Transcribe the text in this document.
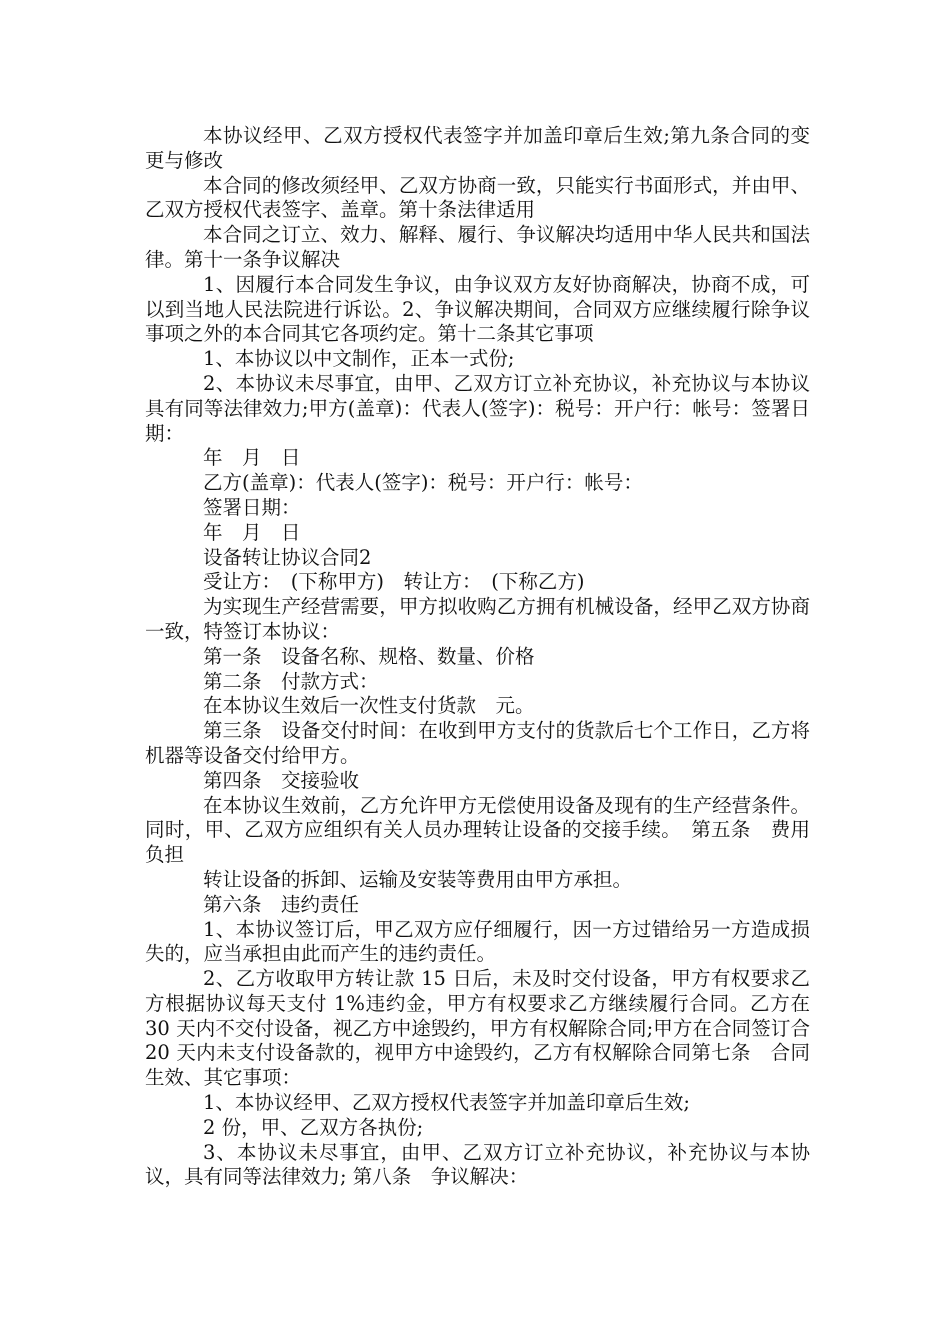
本协议经甲、乙双方授权代表签字并加盖印章后生效;第九条合同的变更与修改

本合同的修改须经甲、乙双方协商一致，只能实行书面形式，并由甲、乙双方授权代表签字、盖章。第十条法律适用

本合同之订立、效力、解释、履行、争议解决均适用中华人民共和国法律。第十一条争议解决

1、因履行本合同发生争议，由争议双方友好协商解决，协商不成，可以到当地人民法院进行诉讼。2、争议解决期间，合同双方应继续履行除争议事项之外的本合同其它各项约定。第十二条其它事项

1、本协议以中文制作，正本一式份;

2、本协议未尽事宜，由甲、乙双方订立补充协议，补充协议与本协议具有同等法律效力;甲方(盖章)：代表人(签字)：税号：开户行：帐号：签署日期：

年　月　日

乙方(盖章)：代表人(签字)：税号：开户行：帐号：

签署日期：

年　月　日

设备转让协议合同2

受让方：　(下称甲方)　转让方：　(下称乙方)

为实现生产经营需要，甲方拟收购乙方拥有机械设备，经甲乙双方协商一致，特签订本协议：

第一条　设备名称、规格、数量、价格

第二条　付款方式：

在本协议生效后一次性支付货款　元。

第三条　设备交付时间：在收到甲方支付的货款后七个工作日，乙方将机器等设备交付给甲方。

第四条　交接验收

在本协议生效前，乙方允许甲方无偿使用设备及现有的生产经营条件。同时，甲、乙双方应组织有关人员办理转让设备的交接手续。　第五条　费用负担

转让设备的拆卸、运输及安装等费用由甲方承担。

第六条　违约责任

1、本协议签订后，甲乙双方应仔细履行，因一方过错给另一方造成损失的，应当承担由此而产生的违约责任。

2、乙方收取甲方转让款 15 日后，未及时交付设备，甲方有权要求乙方根据协议每天支付 1%违约金，甲方有权要求乙方继续履行合同。乙方在 30 天内不交付设备，视乙方中途毁约，甲方有权解除合同;甲方在合同签订合 20 天内未支付设备款的，视甲方中途毁约，乙方有权解除合同第七条　合同生效、其它事项：

1、本协议经甲、乙双方授权代表签字并加盖印章后生效;

2 份，甲、乙双方各执份;

3、本协议未尽事宜，由甲、乙双方订立补充协议，补充协议与本协议，具有同等法律效力; 第八条　争议解决：
